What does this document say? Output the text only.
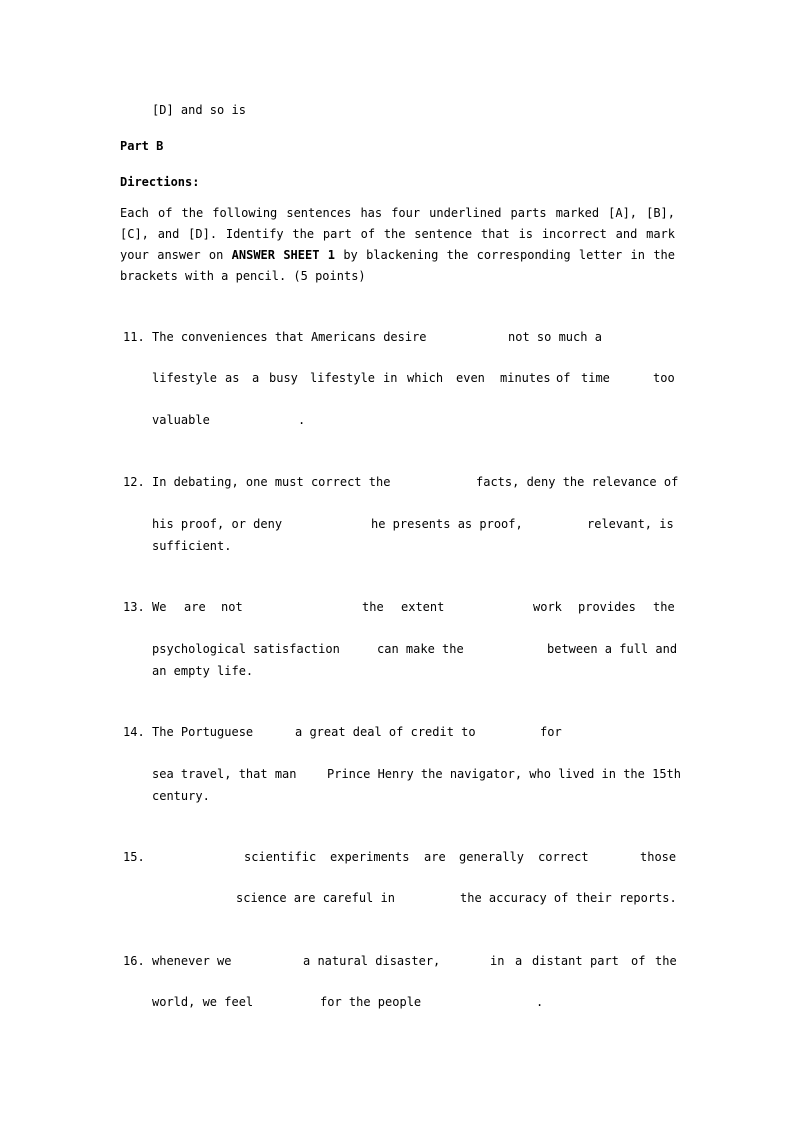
[D] and so is
Part B
Directions:
Each of the following sentences has four underlined parts marked [A], [B], [C], and [D]. Identify the part of the sentence that is incorrect and mark your answer on ANSWER SHEET 1 by blackening the corresponding letter in the brackets with a pencil. (5 points)
11. The conveniences that Americans desire	not so much a
lifestyle as a busy lifestyle in which even minutes of time	too
valuable	.
12. In debating, one must correct the	facts, deny the relevance of
his proof, or deny	he presents as proof,	relevant, is
sufficient.
13. We are not	the extent	work provides the
psychological satisfaction	can make the	between a full and
an empty life.
14. The Portuguese	a great deal of credit to	for
sea travel, that man	Prince Henry the navigator, who lived in the 15th
century.
15.	scientific experiments are generally correct	those
science are careful in	the accuracy of their reports.
16. whenever we	a natural disaster,	in a distant part of the
world, we feel	for the people	.
